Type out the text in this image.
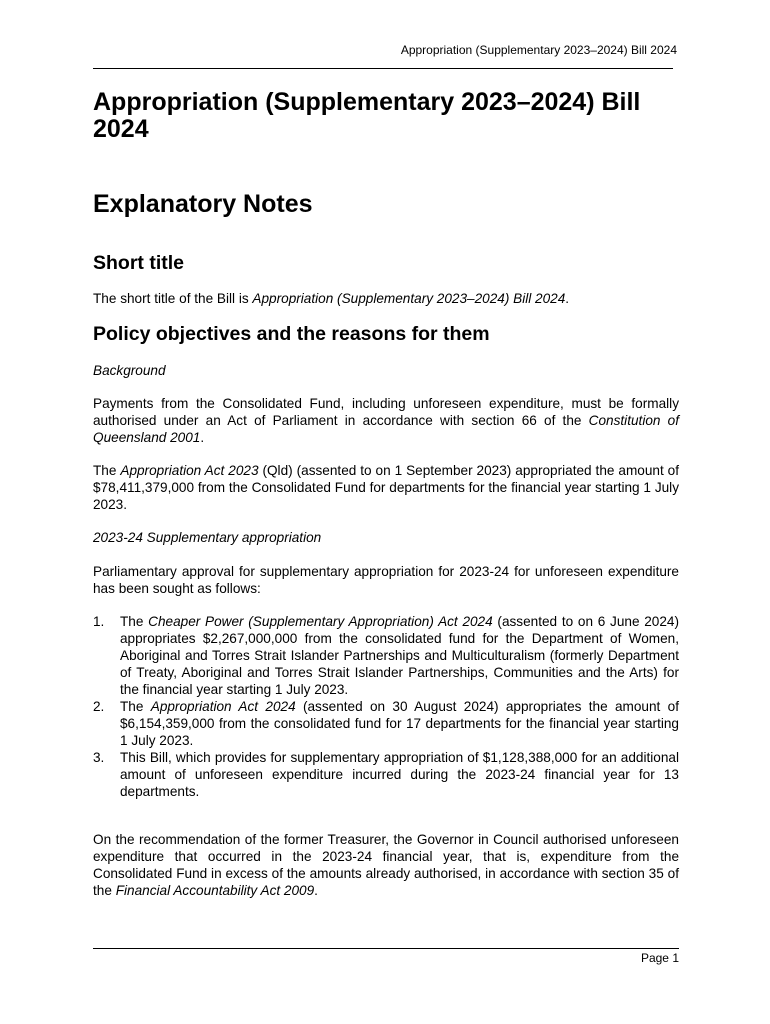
Appropriation (Supplementary 2023–2024) Bill 2024
Appropriation (Supplementary 2023–2024) Bill 2024
Explanatory Notes
Short title

The short title of the Bill is Appropriation (Supplementary 2023–2024) Bill 2024.

Policy objectives and the reasons for them

Background

Payments from the Consolidated Fund, including unforeseen expenditure, must be formally authorised under an Act of Parliament in accordance with section 66 of the Constitution of Queensland 2001.

The Appropriation Act 2023 (Qld) (assented to on 1 September 2023) appropriated the amount of $78,411,379,000 from the Consolidated Fund for departments for the financial year starting 1 July 2023.

2023-24 Supplementary appropriation

Parliamentary approval for supplementary appropriation for 2023-24 for unforeseen expenditure has been sought as follows:

1. The Cheaper Power (Supplementary Appropriation) Act 2024 (assented to on 6 June 2024) appropriates $2,267,000,000 from the consolidated fund for the Department of Women, Aboriginal and Torres Strait Islander Partnerships and Multiculturalism (formerly Department of Treaty, Aboriginal and Torres Strait Islander Partnerships, Communities and the Arts) for the financial year starting 1 July 2023.
2. The Appropriation Act 2024 (assented on 30 August 2024) appropriates the amount of $6,154,359,000 from the consolidated fund for 17 departments for the financial year starting 1 July 2023.
3. This Bill, which provides for supplementary appropriation of $1,128,388,000 for an additional amount of unforeseen expenditure incurred during the 2023-24 financial year for 13 departments.

On the recommendation of the former Treasurer, the Governor in Council authorised unforeseen expenditure that occurred in the 2023-24 financial year, that is, expenditure from the Consolidated Fund in excess of the amounts already authorised, in accordance with section 35 of the Financial Accountability Act 2009.

Page 1
